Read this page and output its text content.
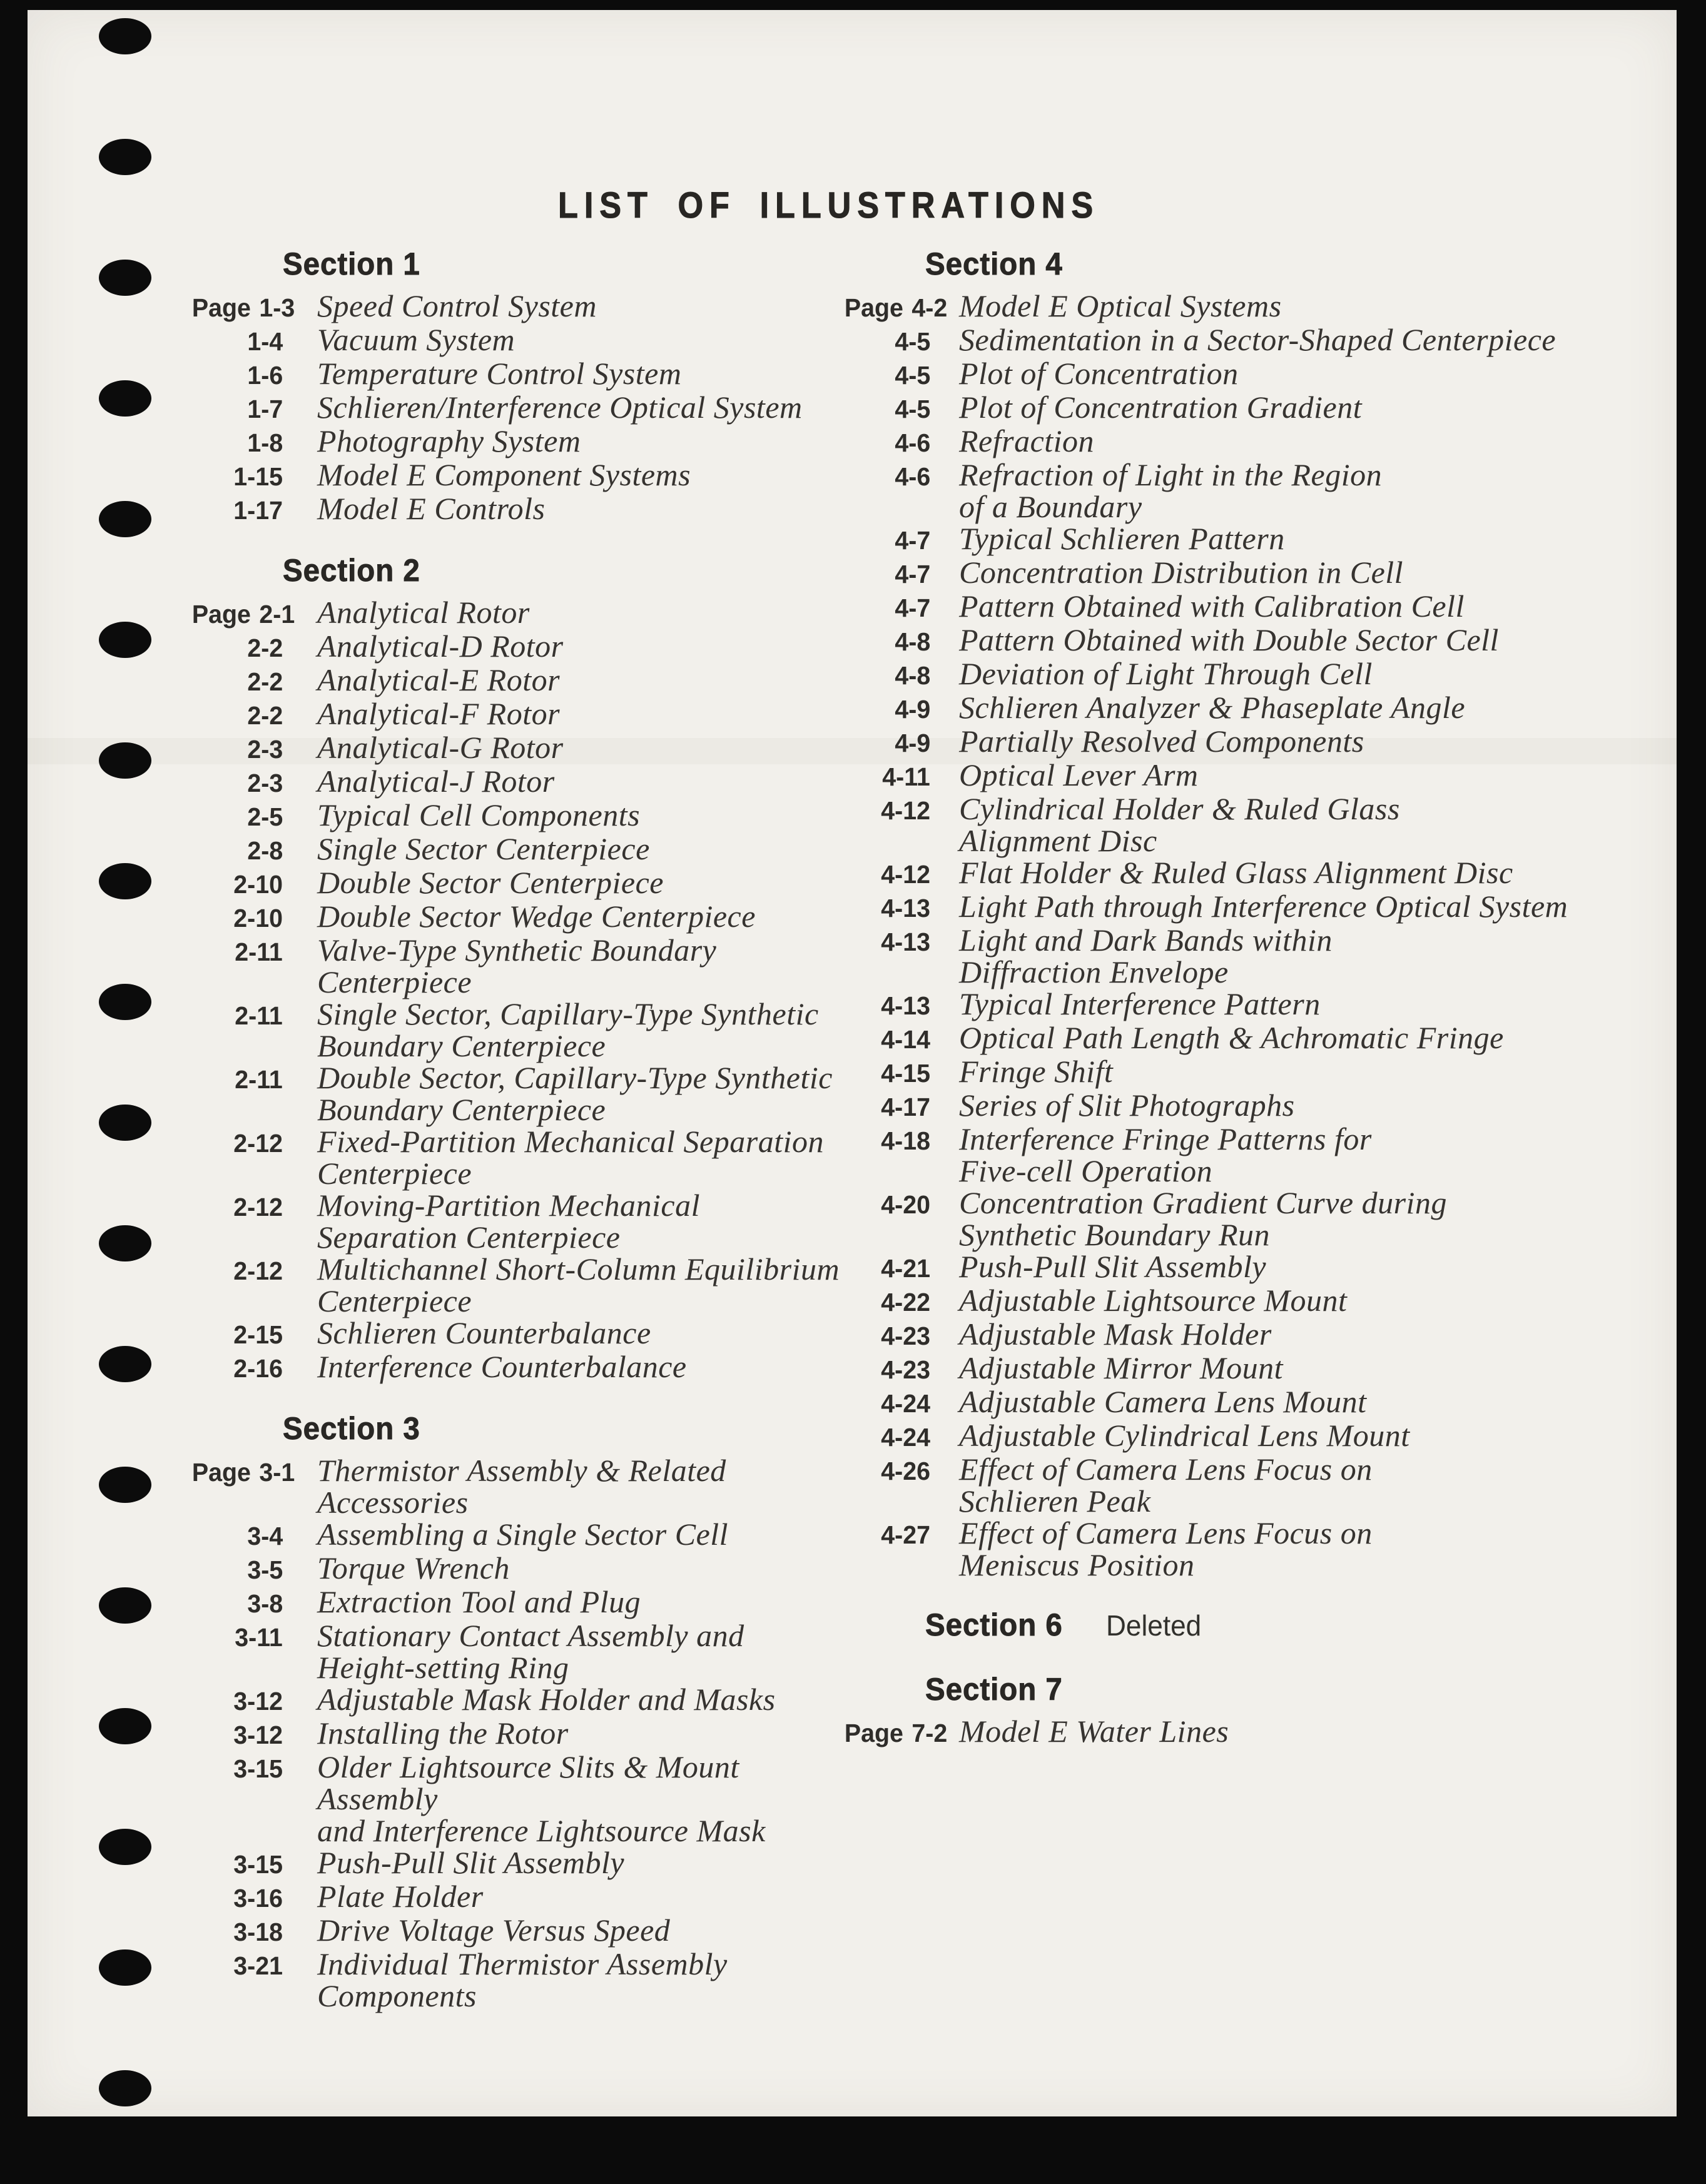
LIST OF ILLUSTRATIONS
Section 1
Page 1-3 Speed Control System
1-4 Vacuum System
1-6 Temperature Control System
1-7 Schlieren/Interference Optical System
1-8 Photography System
1-15 Model E Component Systems
1-17 Model E Controls
Section 2
Page 2-1 Analytical Rotor
2-2 Analytical-D Rotor
2-2 Analytical-E Rotor
2-2 Analytical-F Rotor
2-3 Analytical-G Rotor
2-3 Analytical-J Rotor
2-5 Typical Cell Components
2-8 Single Sector Centerpiece
2-10 Double Sector Centerpiece
2-10 Double Sector Wedge Centerpiece
2-11 Valve-Type Synthetic Boundary
Centerpiece
2-11 Single Sector, Capillary-Type Synthetic
Boundary Centerpiece
2-11 Double Sector, Capillary-Type Synthetic
Boundary Centerpiece
2-12 Fixed-Partition Mechanical Separation
Centerpiece
2-12 Moving-Partition Mechanical
Separation Centerpiece
2-12 Multichannel Short-Column Equilibrium
Centerpiece
2-15 Schlieren Counterbalance
2-16 Interference Counterbalance
Section 3
Page 3-1 Thermistor Assembly & Related Accessories
3-4 Assembling a Single Sector Cell
3-5 Torque Wrench
3-8 Extraction Tool and Plug
3-11 Stationary Contact Assembly and
Height-setting Ring
3-12 Adjustable Mask Holder and Masks
3-12 Installing the Rotor
3-15 Older Lightsource Slits & Mount Assembly
and Interference Lightsource Mask
3-15 Push-Pull Slit Assembly
3-16 Plate Holder
3-18 Drive Voltage Versus Speed
3-21 Individual Thermistor Assembly
Components
Section 4
Page 4-2 Model E Optical Systems
4-5 Sedimentation in a Sector-Shaped Centerpiece
4-5 Plot of Concentration
4-5 Plot of Concentration Gradient
4-6 Refraction
4-6 Refraction of Light in the Region
of a Boundary
4-7 Typical Schlieren Pattern
4-7 Concentration Distribution in Cell
4-7 Pattern Obtained with Calibration Cell
4-8 Pattern Obtained with Double Sector Cell
4-8 Deviation of Light Through Cell
4-9 Schlieren Analyzer & Phaseplate Angle
4-9 Partially Resolved Components
4-11 Optical Lever Arm
4-12 Cylindrical Holder & Ruled Glass
Alignment Disc
4-12 Flat Holder & Ruled Glass Alignment Disc
4-13 Light Path through Interference Optical System
4-13 Light and Dark Bands within
Diffraction Envelope
4-13 Typical Interference Pattern
4-14 Optical Path Length & Achromatic Fringe
4-15 Fringe Shift
4-17 Series of Slit Photographs
4-18 Interference Fringe Patterns for
Five-cell Operation
4-20 Concentration Gradient Curve during
Synthetic Boundary Run
4-21 Push-Pull Slit Assembly
4-22 Adjustable Lightsource Mount
4-23 Adjustable Mask Holder
4-23 Adjustable Mirror Mount
4-24 Adjustable Camera Lens Mount
4-24 Adjustable Cylindrical Lens Mount
4-26 Effect of Camera Lens Focus on
Schlieren Peak
4-27 Effect of Camera Lens Focus on
Meniscus Position
Section 6 Deleted
Section 7
Page 7-2 Model E Water Lines
